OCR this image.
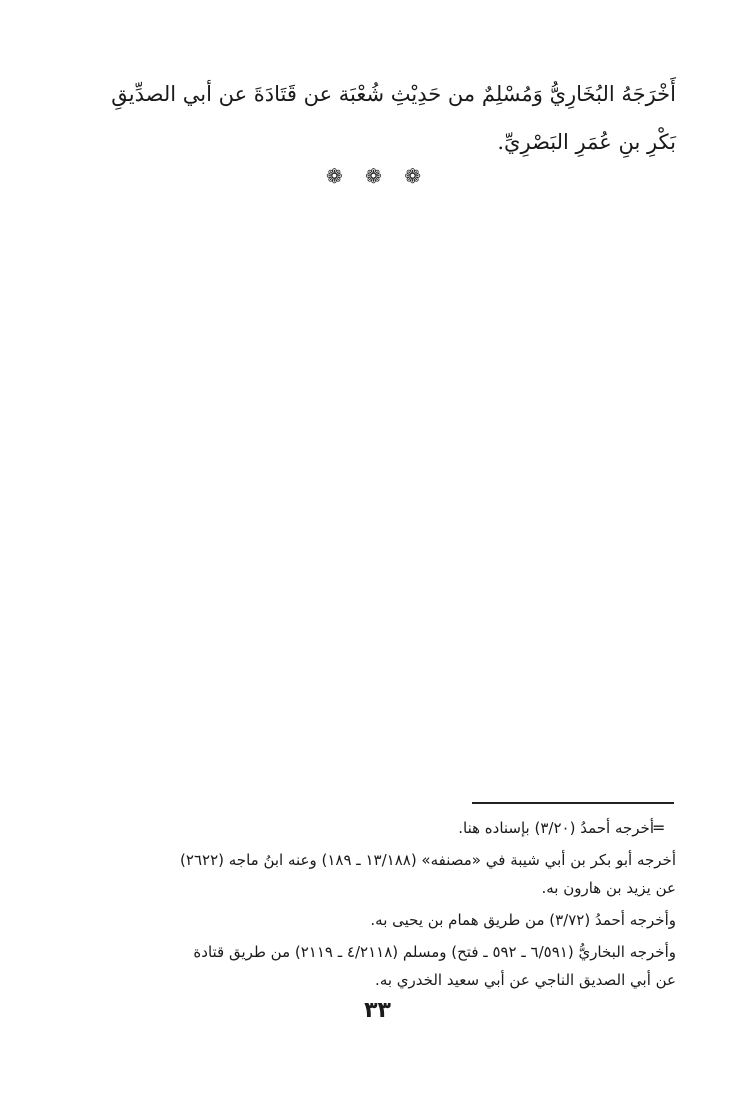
أَخْرَجَهُ البُخَارِيُّ وَمُسْلِمٌ من حَدِيْثِ شُعْبَة عن قَتَادَةَ عن أبي الصدِّيقِ
بَكْرِ بنِ عُمَرِ البَصْرِيِّ.
❁ ❁ ❁
=
أخرجه أحمدُ (٣/٢٠) بإسناده هنا.
أخرجه أبو بكر بن أبي شيبة في «مصنفه» (١٣/١٨٨ ـ ١٨٩) وعنه ابنُ ماجه (٢٦٢٢)
عن يزيد بن هارون به.
وأخرجه أحمدُ (٣/٧٢) من طريق همام بن يحيى به.
وأخرجه البخاريُّ (٦/٥٩١ ـ ٥٩٢ ـ فتح) ومسلم (٤/٢١١٨ ـ ٢١١٩) من طريق قتادة
عن أبي الصديق الناجي عن أبي سعيد الخدري به.
٣٣
